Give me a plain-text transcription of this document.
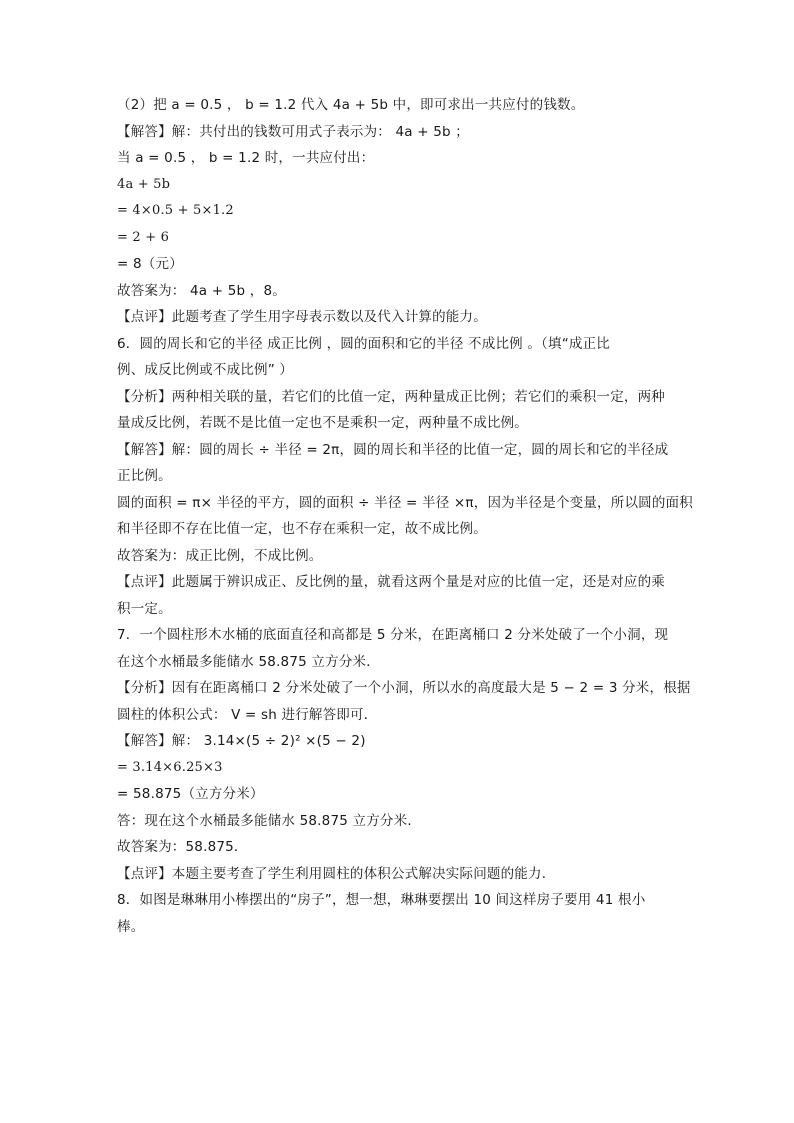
（2）把 a = 0.5 ， b = 1.2 代入 4a + 5b 中，即可求出一共应付的钱数。
【解答】解：共付出的钱数可用式子表示为： 4a + 5b ；
当 a = 0.5 ， b = 1.2 时，一共应付出：
4a + 5b
= 4×0.5 + 5×1.2
= 2 + 6
= 8（元）
故答案为： 4a + 5b ，8。
【点评】此题考查了学生用字母表示数以及代入计算的能力。
6．圆的周长和它的半径 成正比例 ，圆的面积和它的半径 不成比例 。（填“成正比
例、成反比例或不成比例” ）
【分析】两种相关联的量，若它们的比值一定，两种量成正比例；若它们的乘积一定，两种
量成反比例，若既不是比值一定也不是乘积一定，两种量不成比例。
【解答】解：圆的周长 ÷ 半径 = 2π，圆的周长和半径的比值一定，圆的周长和它的半径成
正比例。
圆的面积 = π× 半径的平方，圆的面积 ÷ 半径 = 半径 ×π，因为半径是个变量，所以圆的面积
和半径即不存在比值一定，也不存在乘积一定，故不成比例。
故答案为：成正比例，不成比例。
【点评】此题属于辨识成正、反比例的量，就看这两个量是对应的比值一定，还是对应的乘
积一定。
7．一个圆柱形木水桶的底面直径和高都是 5 分米，在距离桶口 2 分米处破了一个小洞，现
在这个水桶最多能储水 58.875 立方分米．
【分析】因有在距离桶口 2 分米处破了一个小洞，所以水的高度最大是 5 − 2 = 3 分米，根据
圆柱的体积公式： V = sh 进行解答即可．
【解答】解： 3.14×(5 ÷ 2)² ×(5 − 2)
= 3.14×6.25×3
= 58.875（立方分米）
答：现在这个水桶最多能储水 58.875 立方分米．
故答案为：58.875．
【点评】本题主要考查了学生利用圆柱的体积公式解决实际问题的能力．
8．如图是琳琳用小棒摆出的“房子”，想一想，琳琳要摆出 10 间这样房子要用 41 根小
棒。
